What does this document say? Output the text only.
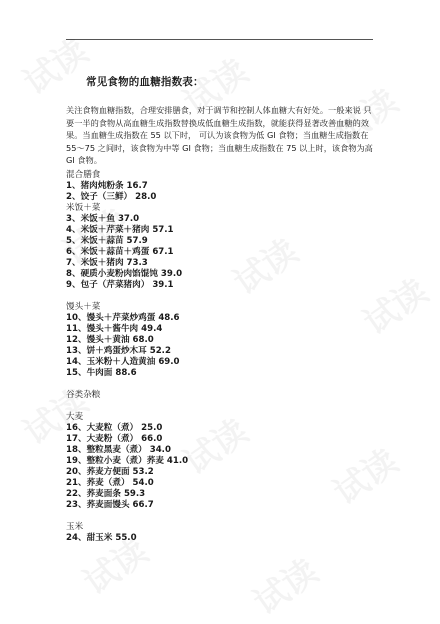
常见食物的血糖指数表：

关注食物血糖指数，合理安排膳食，对于调节和控制人体血糖大有好处。一般来说 只要一半的食物从高血糖生成指数替换成低血糖生成指数，就能获得显著改善血糖的效果。当血糖生成指数在 55 以下时， 可认为该食物为低 GI 食物；当血糖生成指数在 55～75 之间时，该食物为中等 GI 食物；当血糖生成指数在 75 以上时，该食物为高 GI 食物。

混合膳食
1、猪肉炖粉条 16.7
2、饺子（三鲜） 28.0
米饭＋菜
3、米饭＋鱼 37.0
4、米饭＋芹菜＋猪肉 57.1
5、米饭＋蒜苗 57.9
6、米饭＋蒜苗＋鸡蛋 67.1
7、米饭＋猪肉 73.3
8、硬质小麦粉肉馅馄饨 39.0
9、包子（芹菜猪肉） 39.1
馒头＋菜
10、馒头＋芹菜炒鸡蛋 48.6
11、馒头＋酱牛肉 49.4
12、馒头＋黄油 68.0
13、饼＋鸡蛋炒木耳 52.2
14、玉米粉＋人造黄油 69.0
15、牛肉面 88.6
谷类杂粮
大麦
16、大麦粒（煮） 25.0
17、大麦粉（煮） 66.0
18、整粒黑麦（煮） 34.0
19、整粒小麦（煮）荞麦 41.0
20、荞麦方便面 53.2
21、荞麦（煮） 54.0
22、荞麦面条 59.3
23、荞麦面馒头 66.7
玉米
24、甜玉米 55.0
